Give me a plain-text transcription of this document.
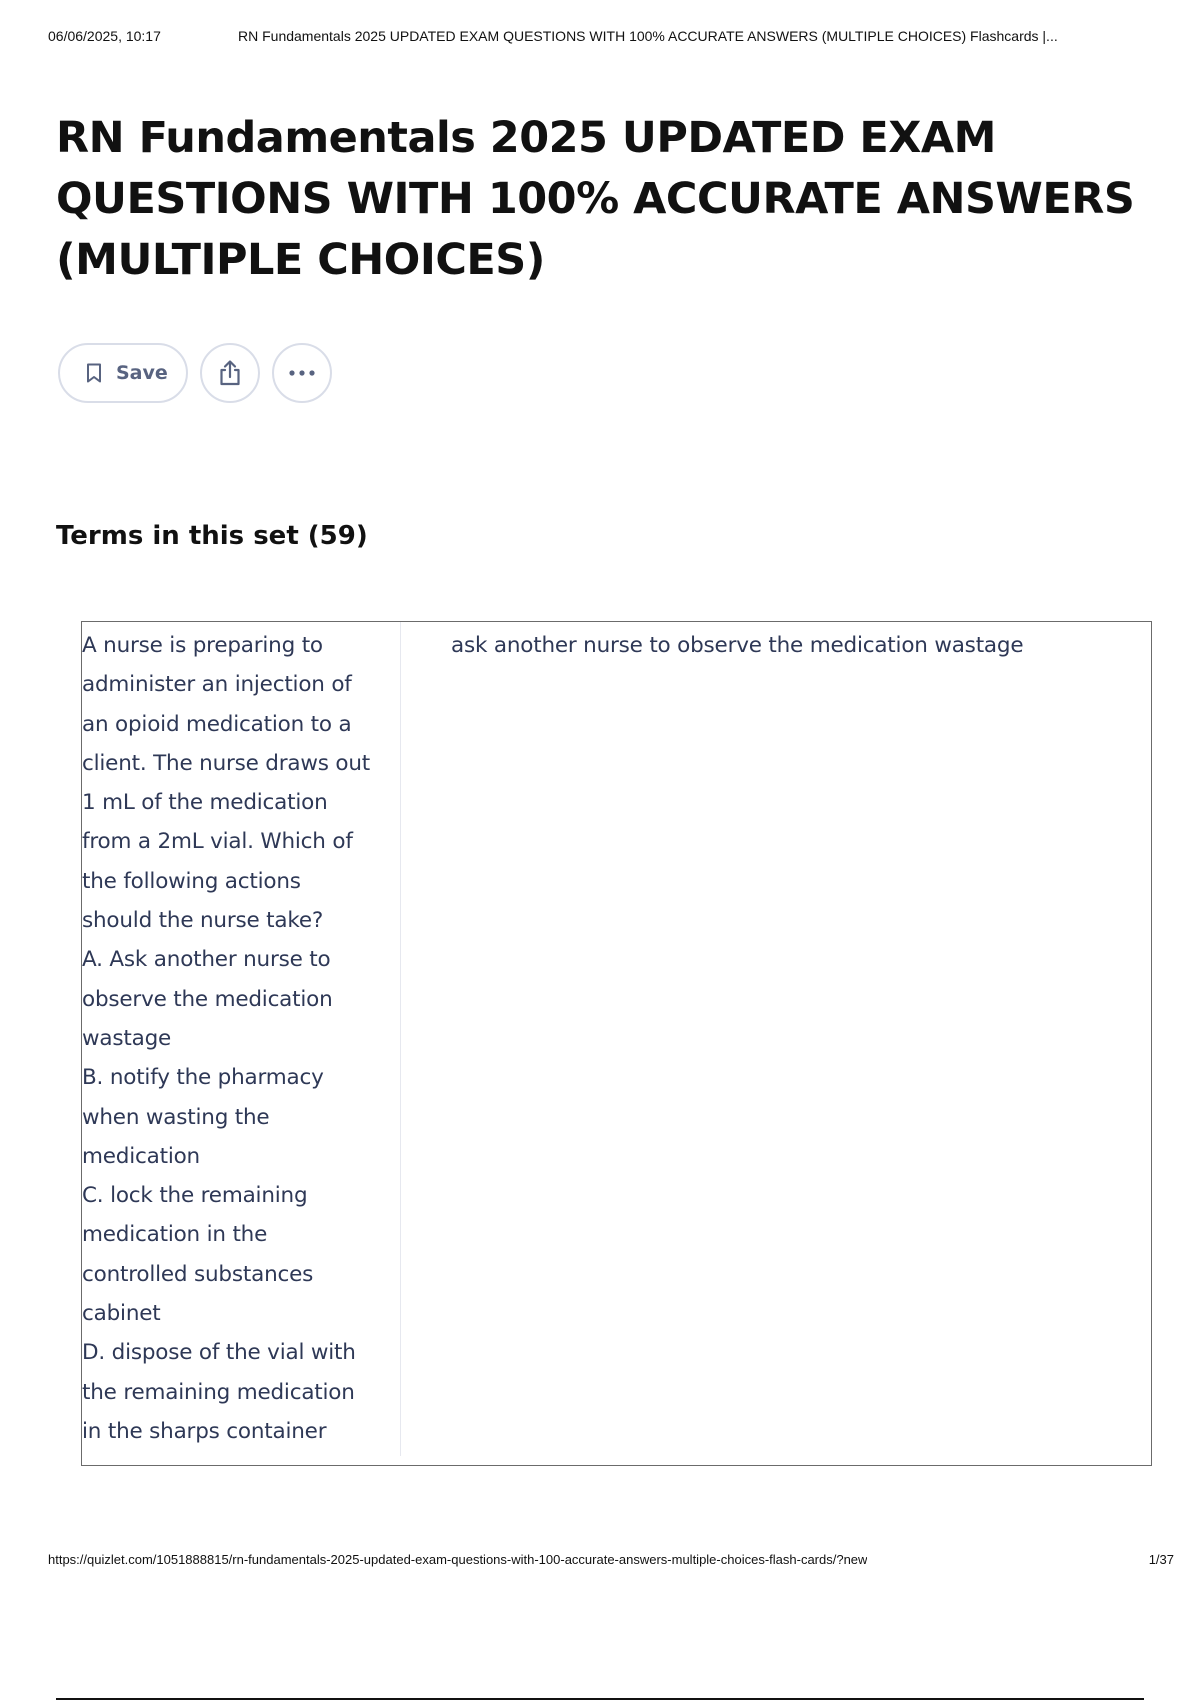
06/06/2025, 10:17	RN Fundamentals 2025 UPDATED EXAM QUESTIONS WITH 100% ACCURATE ANSWERS (MULTIPLE CHOICES) Flashcards |...
RN Fundamentals 2025 UPDATED EXAM
QUESTIONS WITH 100% ACCURATE ANSWERS
(MULTIPLE CHOICES)
Save
Terms in this set (59)
A nurse is preparing to
administer an injection of
an opioid medication to a
client. The nurse draws out
1 mL of the medication
from a 2mL vial. Which of
the following actions
should the nurse take?
A. Ask another nurse to
observe the medication
wastage
B. notify the pharmacy
when wasting the
medication
C. lock the remaining
medication in the
controlled substances
cabinet
D. dispose of the vial with
the remaining medication
in the sharps container
ask another nurse to observe the medication wastage
https://quizlet.com/1051888815/rn-fundamentals-2025-updated-exam-questions-with-100-accurate-answers-multiple-choices-flash-cards/?new	1/37
